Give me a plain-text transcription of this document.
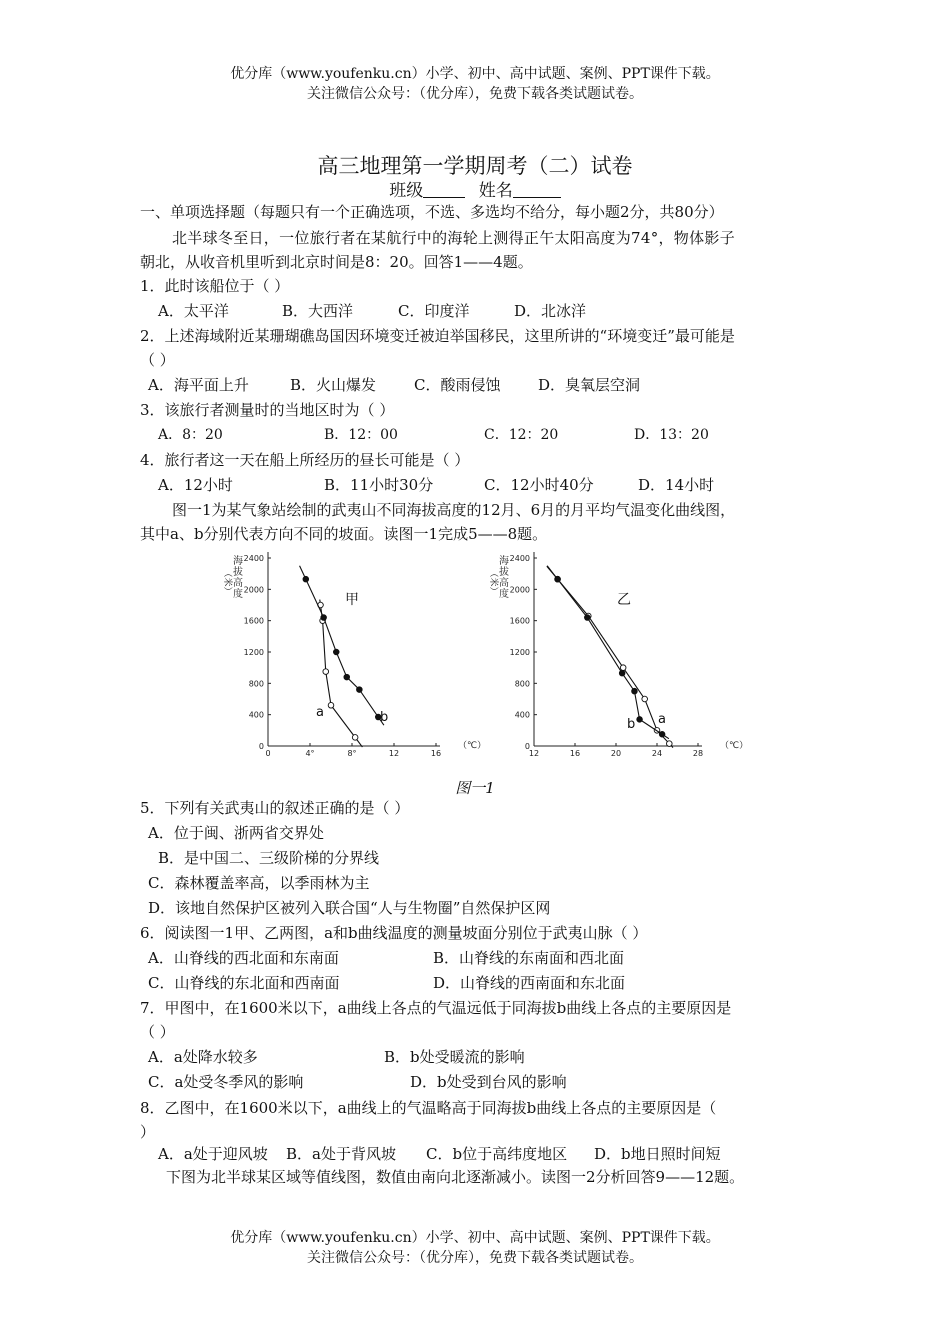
优分库（www.youfenku.cn）小学、初中、高中试题、案例、PPT课件下载。
关注微信公众号：（优分库），免费下载各类试题试卷。
高三地理第一学期周考（二）试卷
班级	姓名
一、单项选择题（每题只有一个正确选项，不选、多选均不给分，每小题2分，共80分）
北半球冬至日，一位旅行者在某航行中的海轮上测得正午太阳高度为74°，物体影子
朝北，从收音机里听到北京时间是8：20。回答1——4题。
1．此时该船位于（ ）
A．太平洋	B．大西洋	C．印度洋	D．北冰洋
2．上述海域附近某珊瑚礁岛国因环境变迁被迫举国移民，这里所讲的“环境变迁”最可能是
（ ）
A．海平面上升	B．火山爆发	C．酸雨侵蚀	D．臭氧层空洞
3．该旅行者测量时的当地区时为（ ）
A．8：20	B．12：00	C．12：20	D．13：20
4．旅行者这一天在船上所经历的昼长可能是（ ）
A．12小时	B．11小时30分	C．12小时40分	D．14小时
图一1为某气象站绘制的武夷山不同海拔高度的12月、6月的月平均气温变化曲线图，
其中a、b分别代表方向不同的坡面。读图一1完成5——8题。
2400
2000
1600
1200
800
400
0
0	4°	8°	12	16
海
拔
高
度
（米）
（℃）
甲
a	b
2400
2000
1600
1200
800
400
0
12	16	20	24	28
海
拔
高
度
（米）
（℃）
乙
a
b
图一1
5．下列有关武夷山的叙述正确的是（ ）
A．位于闽、浙两省交界处
B．是中国二、三级阶梯的分界线
C．森林覆盖率高，以季雨林为主
D．该地自然保护区被列入联合国“人与生物圈”自然保护区网
6．阅读图一1甲、乙两图，a和b曲线温度的测量坡面分别位于武夷山脉（ ）
A．山脊线的西北面和东南面	B．山脊线的东南面和西北面
C．山脊线的东北面和西南面	D．山脊线的西南面和东北面
7．甲图中，在1600米以下，a曲线上各点的气温远低于同海拔b曲线上各点的主要原因是
（ ）
A．a处降水较多	B．b处受暖流的影响
C．a处受冬季风的影响	D．b处受到台风的影响
8．乙图中，在1600米以下，a曲线上的气温略高于同海拔b曲线上各点的主要原因是（
）
A．a处于迎风坡 B．a处于背风坡 C．b位于高纬度地区 D．b地日照时间短
下图为北半球某区域等值线图，数值由南向北逐渐减小。读图一2分析回答9——12题。
优分库（www.youfenku.cn）小学、初中、高中试题、案例、PPT课件下载。
关注微信公众号：（优分库），免费下载各类试题试卷。
